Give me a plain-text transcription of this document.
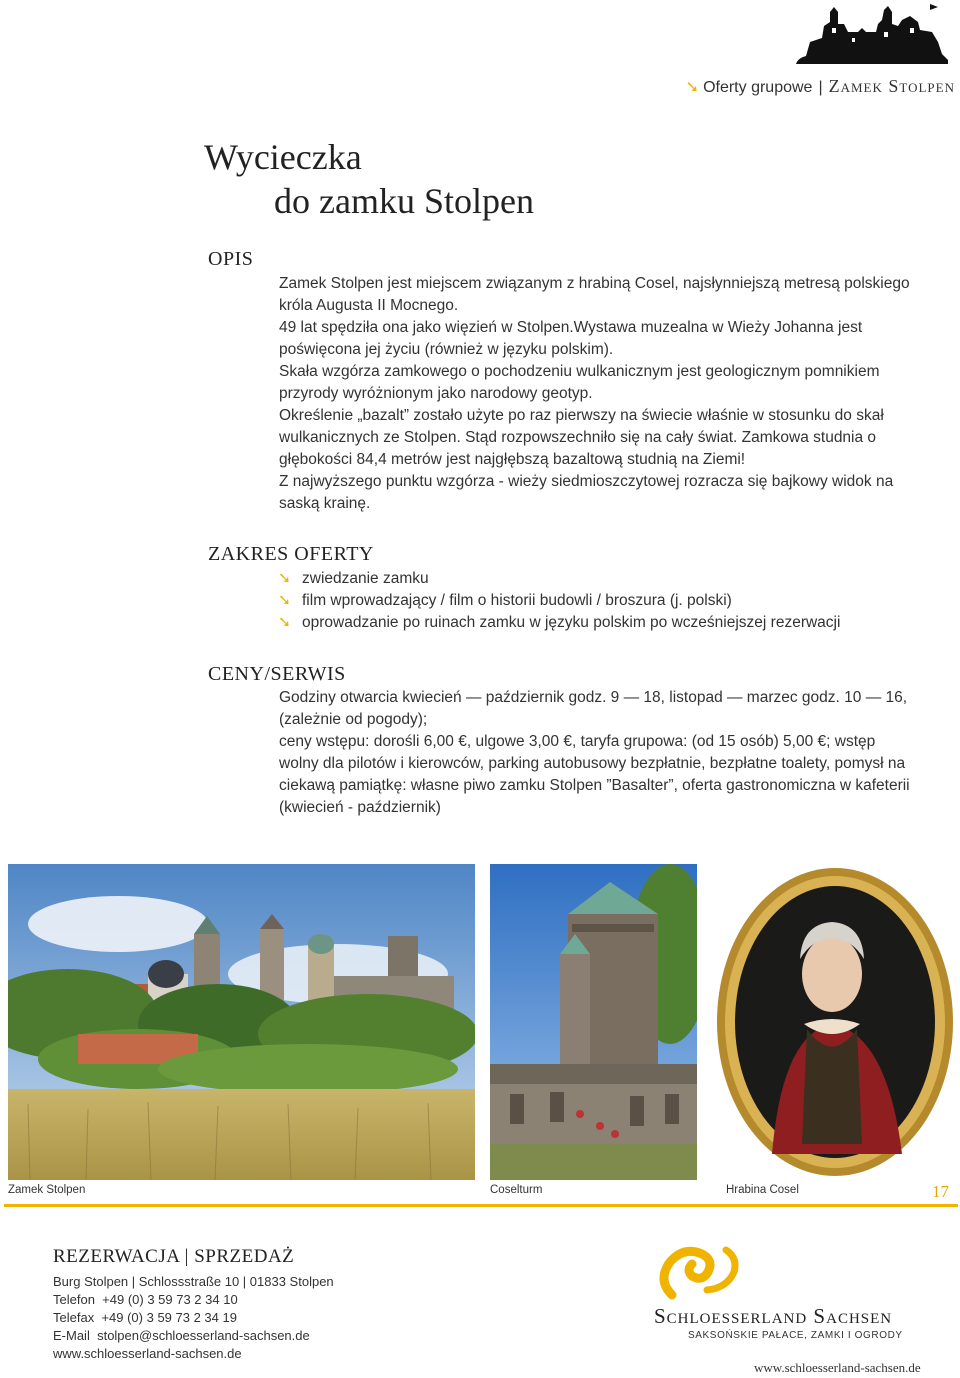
➘ Oferty grupowe | Zamek Stolpen
Wycieczka
do zamku Stolpen
OPIS

Zamek Stolpen jest miejscem związanym z hrabiną Cosel, najsłynniejszą metresą polskiego króla Augusta II Mocnego.

49 lat spędziła ona jako więzień w Stolpen.Wystawa muzealna w Wieży Johanna jest poświęcona jej życiu (również w języku polskim).

Skała wzgórza zamkowego o pochodzeniu wulkanicznym jest geologicznym pomnikiem przyrody wyróżnionym jako narodowy geotyp.

Określenie „bazalt” zostało użyte po raz pierwszy na świecie właśnie w stosunku do skał wulkanicznych ze Stolpen. Stąd rozpowszechniło się na cały świat. Zamkowa studnia o głębokości 84,4 metrów jest najgłębszą bazaltową studnią na Ziemi!

Z najwyższego punktu wzgórza - wieży siedmioszczytowej rozracza się bajkowy widok na saską krainę.

ZAKRES OFERTY
➘ zwiedzanie zamku
➘ film wprowadzający / film o historii budowli / broszura (j. polski)
➘ oprowadzanie po ruinach zamku w języku polskim po wcześniejszej rezerwacji
CENY/SERWIS

Godziny otwarcia kwiecień — październik godz. 9 — 18, listopad — marzec godz. 10 — 16, (zależnie od pogody);

ceny wstępu: dorośli 6,00 €, ulgowe 3,00 €, taryfa grupowa: (od 15 osób) 5,00 €; wstęp wolny dla pilotów i kierowców, parking autobusowy bezpłatnie, bezpłatne toalety, pomysł na ciekawą pamiątkę: własne piwo zamku Stolpen ”Basalter”, oferta gastronomiczna w kafeterii (kwiecień - październik)

Zamek Stolpen	Coselturm	Hrabina Cosel	17
REZERWACJA | SPRZEDAŻ
Burg Stolpen | Schlossstraße 10 | 01833 Stolpen
Telefon +49 (0) 3 59 73 2 34 10
Telefax +49 (0) 3 59 73 2 34 19
E-Mail stolpen@schloesserland-sachsen.de
www.schloesserland-sachsen.de
Schloesserland Sachsen
SAKSOŃSKIE PAŁACE, ZAMKI I OGRODY
www.schloesserland-sachsen.de
